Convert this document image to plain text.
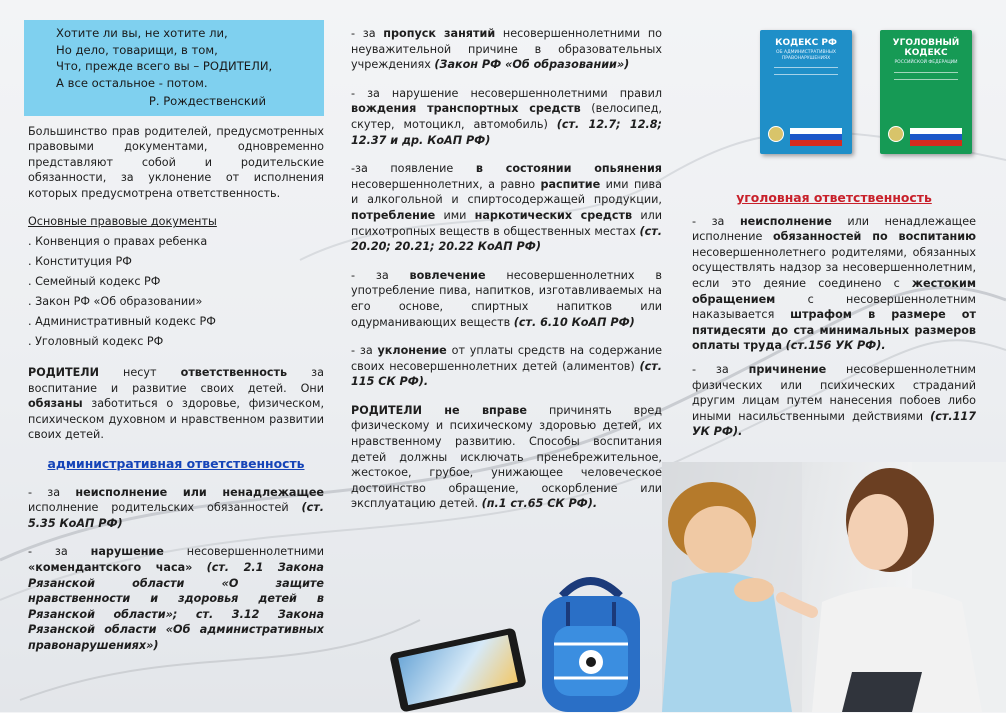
Хотите ли вы, не хотите ли,
Но дело, товарищи, в том,
Что, прежде всего вы – РОДИТЕЛИ,
А все остальное - потом.
Р. Рождественский

Большинство прав родителей, предусмотренных правовыми документами, одновременно представляют собой и родительские обязанности, за уклонение от исполнения которых предусмотрена ответственность.

Основные правовые документы

. Конвенция о правах ребенка

. Конституция РФ

. Семейный кодекс РФ

. Закон РФ «Об образовании»

. Административный кодекс РФ

. Уголовный кодекс РФ

РОДИТЕЛИ несут ответственность за воспитание и развитие своих детей. Они обязаны заботиться о здоровье, физическом, психическом духовном и нравственном развитии своих детей.

административная ответственность

- за неисполнение или ненадлежащее исполнение родительских обязанностей (ст. 5.35 КоАП РФ)

- за нарушение несовершеннолетними «комендантского часа» (ст. 2.1 Закона Рязанской области «О защите нравственности и здоровья детей в Рязанской области»; ст. 3.12 Закона Рязанской области «Об административных правонарушениях»)

- за пропуск занятий несовершеннолетними по неуважительной причине в образовательных учреждениях (Закон РФ «Об образовании»)

- за нарушение несовершеннолетними правил вождения транспортных средств (велосипед, скутер, мотоцикл, автомобиль) (ст. 12.7; 12.8; 12.37 и др. КоАП РФ)

-за появление в состоянии опьянения несовершеннолетних, а равно распитие ими пива и алкогольной и спиртосодержащей продукции, потребление ими наркотических средств или психотропных веществ в общественных местах (ст. 20.20; 20.21; 20.22 КоАП РФ)

- за вовлечение несовершеннолетних в употребление пива, напитков, изготавливаемых на его основе, спиртных напитков или одурманивающих веществ (ст. 6.10 КоАП РФ)

- за уклонение от уплаты средств на содержание своих несовершеннолетних детей (алиментов) (ст. 115 СК РФ).

РОДИТЕЛИ не вправе причинять вред физическому и психическому здоровью детей, их нравственному развитию. Способы воспитания детей должны исключать пренебрежительное, жестокое, грубое, унижающее человеческое достоинство обращение, оскорбление или эксплуатацию детей. (п.1 ст.65 СК РФ).

КОДЕКС РФ
ОБ АДМИНИСТРАТИВНЫХ ПРАВОНАРУШЕНИЯХ
УГОЛОВНЫЙ КОДЕКС
РОССИЙСКОЙ ФЕДЕРАЦИИ

уголовная ответственность

- за неисполнение или ненадлежащее исполнение обязанностей по воспитанию несовершеннолетнего родителями, обязанных осуществлять надзор за несовершеннолетним, если это деяние соединено с жестоким обращением с несовершеннолетним наказывается штрафом в размере от пятидесяти до ста минимальных размеров оплаты труда (ст.156 УК РФ).

- за причинение несовершеннолетним физических или психических страданий другим лицам путем нанесения побоев либо иными насильственными действиями (ст.117 УК РФ).
